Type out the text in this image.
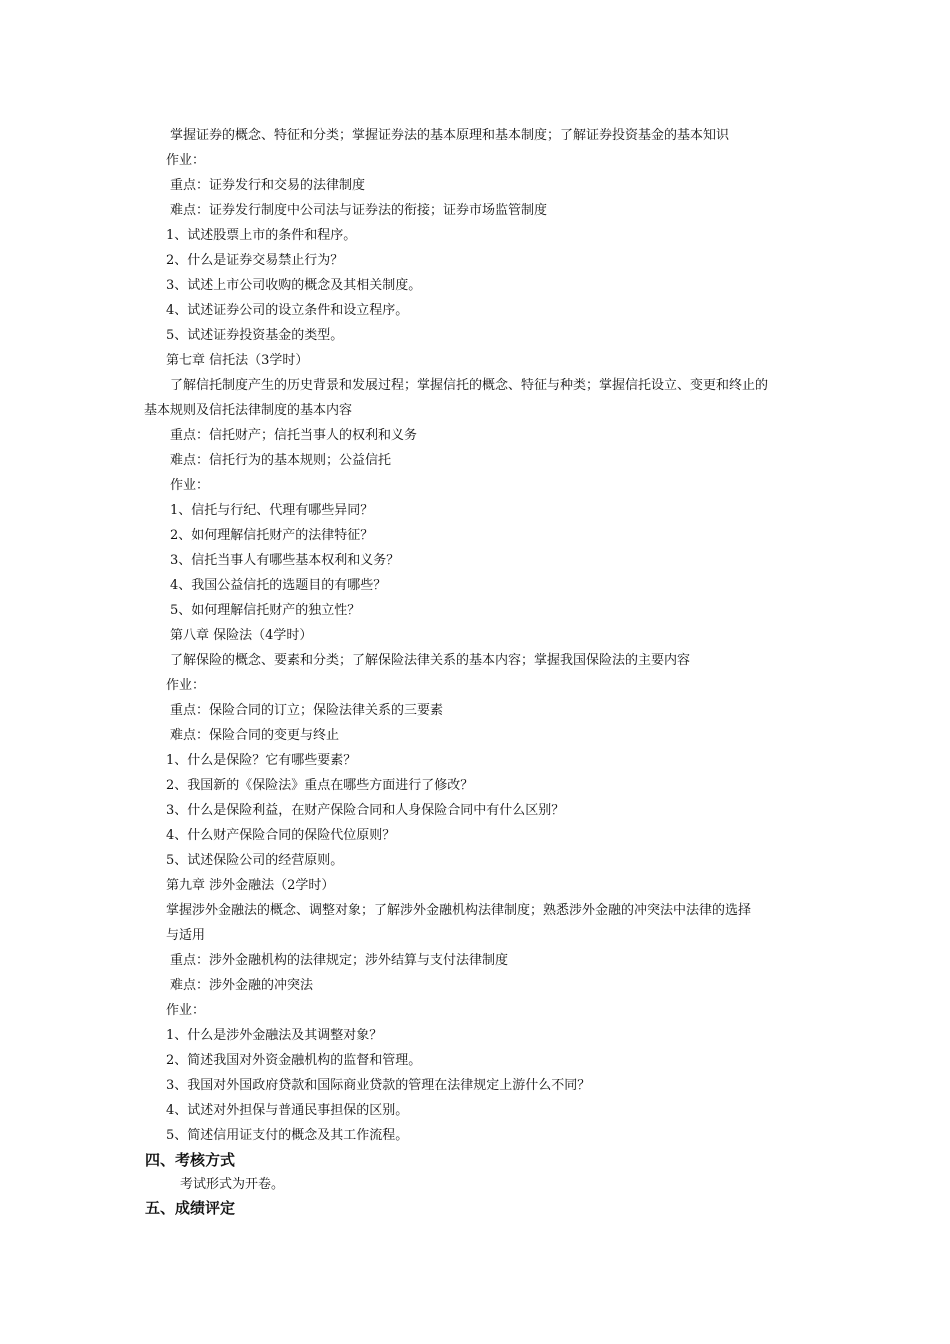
掌握证券的概念、特征和分类；掌握证券法的基本原理和基本制度；了解证券投资基金的基本知识
作业：
重点：证券发行和交易的法律制度
难点：证券发行制度中公司法与证券法的衔接；证券市场监管制度
1、试述股票上市的条件和程序。
2、什么是证券交易禁止行为？
3、试述上市公司收购的概念及其相关制度。
4、试述证券公司的设立条件和设立程序。
5、试述证券投资基金的类型。
第七章 信托法（3学时）
了解信托制度产生的历史背景和发展过程；掌握信托的概念、特征与种类；掌握信托设立、变更和终止的
基本规则及信托法律制度的基本内容
重点：信托财产；信托当事人的权利和义务
难点：信托行为的基本规则；公益信托
作业：
1、信托与行纪、代理有哪些异同？
2、如何理解信托财产的法律特征？
3、信托当事人有哪些基本权利和义务？
4、我国公益信托的选题目的有哪些？
5、如何理解信托财产的独立性？
第八章 保险法（4学时）
了解保险的概念、要素和分类；了解保险法律关系的基本内容；掌握我国保险法的主要内容
作业：
重点：保险合同的订立；保险法律关系的三要素
难点：保险合同的变更与终止
1、什么是保险？它有哪些要素？
2、我国新的《保险法》重点在哪些方面进行了修改？
3、什么是保险利益，在财产保险合同和人身保险合同中有什么区别？
4、什么财产保险合同的保险代位原则？
5、试述保险公司的经营原则。
第九章 涉外金融法（2学时）
掌握涉外金融法的概念、调整对象；了解涉外金融机构法律制度；熟悉涉外金融的冲突法中法律的选择
与适用
重点：涉外金融机构的法律规定；涉外结算与支付法律制度
难点：涉外金融的冲突法
作业：
1、什么是涉外金融法及其调整对象？
2、简述我国对外资金融机构的监督和管理。
3、我国对外国政府贷款和国际商业贷款的管理在法律规定上游什么不同？
4、试述对外担保与普通民事担保的区别。
5、简述信用证支付的概念及其工作流程。
四、考核方式
考试形式为开卷。
五、成绩评定
